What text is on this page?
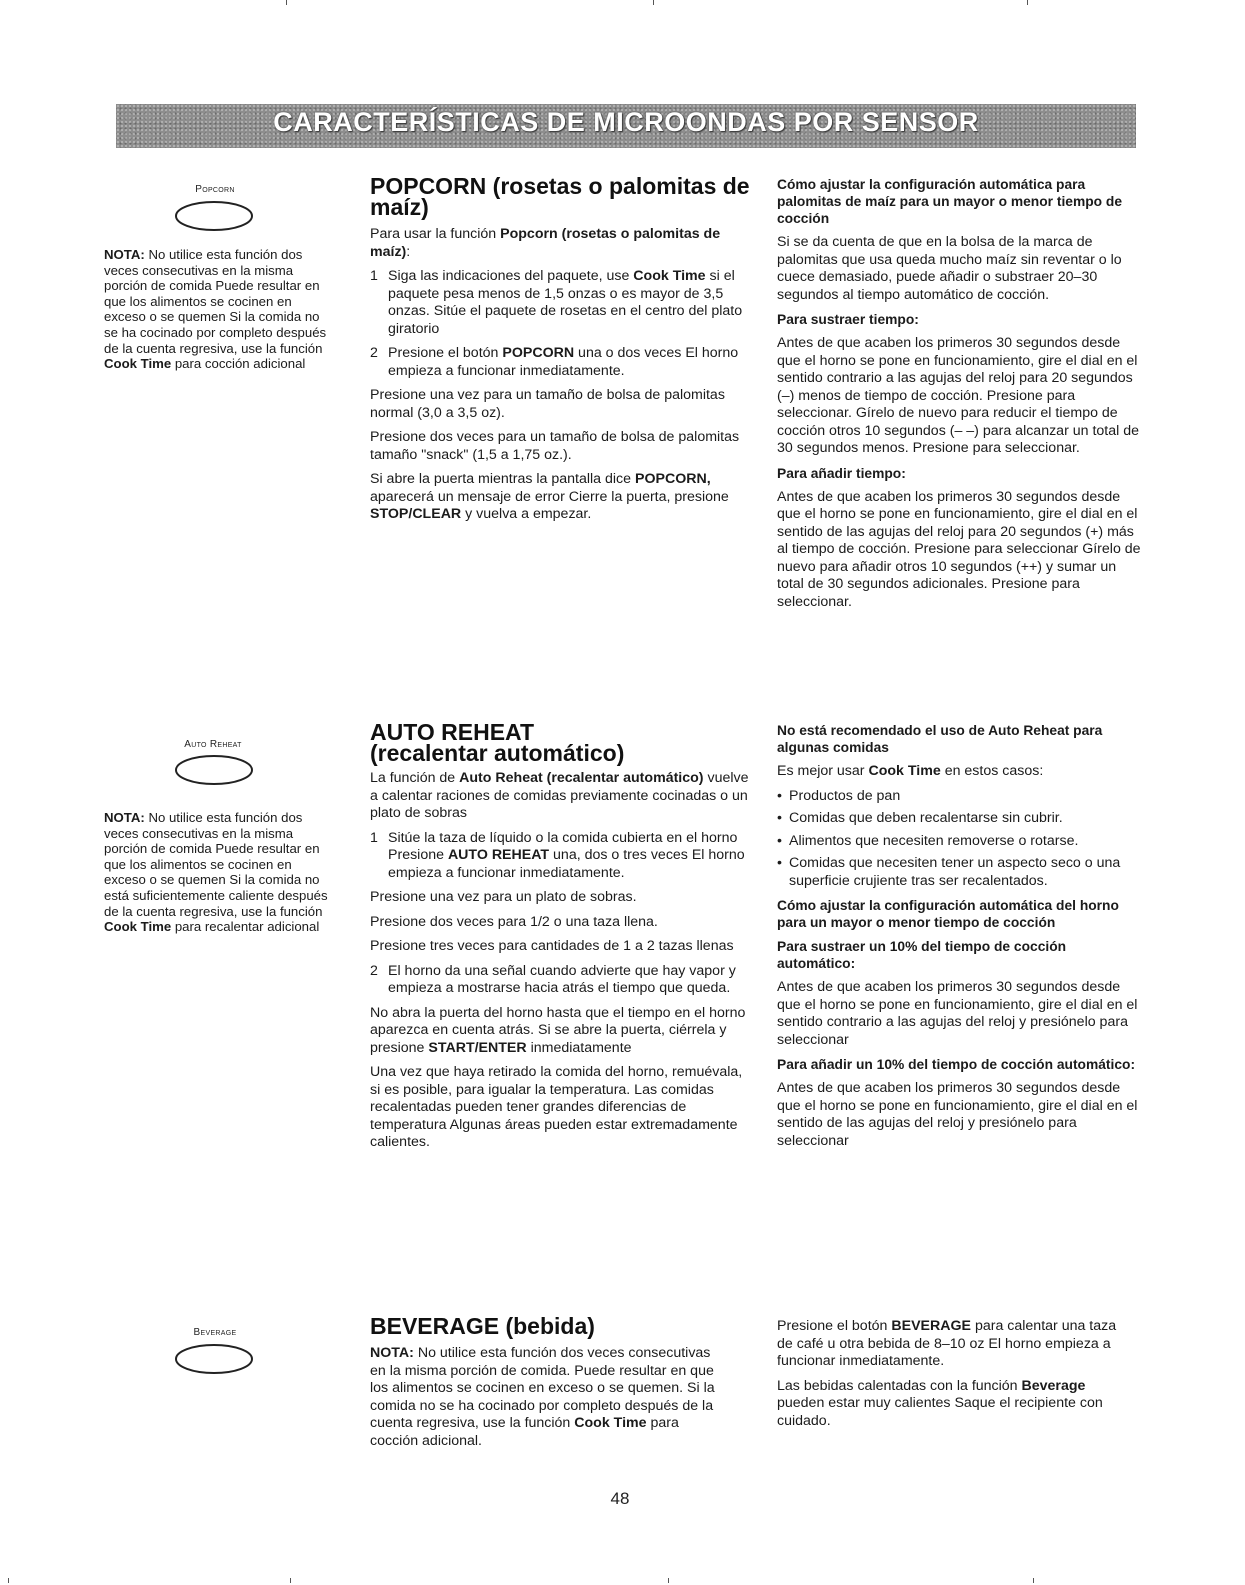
CARACTERÍSTICAS DE MICROONDAS POR SENSOR
Popcorn
NOTA: No utilice esta función dos veces consecutivas en la misma porción de comida Puede resultar en que los alimentos se cocinen en exceso o se quemen Si la comida no se ha cocinado por completo después de la cuenta regresiva, use la función Cook Time para cocción adicional
POPCORN (rosetas o palomitas de maíz)

Para usar la función Popcorn (rosetas o palomitas de maíz):

1 Siga las indicaciones del paquete, use Cook Time si el paquete pesa menos de 1,5 onzas o es mayor de 3,5 onzas. Sitúe el paquete de rosetas en el centro del plato giratorio
2 Presione el botón POPCORN una o dos veces El horno empieza a funcionar inmediatamente.

Presione una vez para un tamaño de bolsa de palomitas normal (3,0 a 3,5 oz).

Presione dos veces para un tamaño de bolsa de palomitas tamaño "snack" (1,5 a 1,75 oz.).

Si abre la puerta mientras la pantalla dice POPCORN, aparecerá un mensaje de error Cierre la puerta, presione STOP/CLEAR y vuelva a empezar.

Cómo ajustar la configuración automática para palomitas de maíz para un mayor o menor tiempo de cocción

Si se da cuenta de que en la bolsa de la marca de palomitas que usa queda mucho maíz sin reventar o lo cuece demasiado, puede añadir o substraer 20–30 segundos al tiempo automático de cocción.

Para sustraer tiempo:

Antes de que acaben los primeros 30 segundos desde que el horno se pone en funcionamiento, gire el dial en el sentido contrario a las agujas del reloj para 20 segundos (–) menos de tiempo de cocción. Presione para seleccionar. Gírelo de nuevo para reducir el tiempo de cocción otros 10 segundos (– –) para alcanzar un total de 30 segundos menos. Presione para seleccionar.

Para añadir tiempo:

Antes de que acaben los primeros 30 segundos desde que el horno se pone en funcionamiento, gire el dial en el sentido de las agujas del reloj para 20 segundos (+) más al tiempo de cocción. Presione para seleccionar Gírelo de nuevo para añadir otros 10 segundos (++) y sumar un total de 30 segundos adicionales. Presione para seleccionar.

Auto Reheat
NOTA: No utilice esta función dos veces consecutivas en la misma porción de comida Puede resultar en que los alimentos se cocinen en exceso o se quemen Si la comida no está suficientemente caliente después de la cuenta regresiva, use la función Cook Time para recalentar adicional
AUTO REHEAT
(recalentar automático)

La función de Auto Reheat (recalentar automático) vuelve a calentar raciones de comidas previamente cocinadas o un plato de sobras

1 Sitúe la taza de líquido o la comida cubierta en el horno Presione AUTO REHEAT una, dos o tres veces El horno empieza a funcionar inmediatamente.

Presione una vez para un plato de sobras.

Presione dos veces para 1/2 o una taza llena.

Presione tres veces para cantidades de 1 a 2 tazas llenas

2 El horno da una señal cuando advierte que hay vapor y empieza a mostrarse hacia atrás el tiempo que queda.

No abra la puerta del horno hasta que el tiempo en el horno aparezca en cuenta atrás. Si se abre la puerta, ciérrela y presione START/ENTER inmediatamente

Una vez que haya retirado la comida del horno, remuévala, si es posible, para igualar la temperatura. Las comidas recalentadas pueden tener grandes diferencias de temperatura Algunas áreas pueden estar extremadamente calientes.

No está recomendado el uso de Auto Reheat para algunas comidas

Es mejor usar Cook Time en estos casos:

• Productos de pan
• Comidas que deben recalentarse sin cubrir.
• Alimentos que necesiten removerse o rotarse.
• Comidas que necesiten tener un aspecto seco o una superficie crujiente tras ser recalentados.

Cómo ajustar la configuración automática del horno para un mayor o menor tiempo de cocción

Para sustraer un 10% del tiempo de cocción automático:

Antes de que acaben los primeros 30 segundos desde que el horno se pone en funcionamiento, gire el dial en el sentido contrario a las agujas del reloj y presiónelo para seleccionar

Para añadir un 10% del tiempo de cocción automático:

Antes de que acaben los primeros 30 segundos desde que el horno se pone en funcionamiento, gire el dial en el sentido de las agujas del reloj y presiónelo para seleccionar

Beverage	BEVERAGE (bebida)

NOTA: No utilice esta función dos veces consecutivas en la misma porción de comida. Puede resultar en que los alimentos se cocinen en exceso o se quemen. Si la comida no se ha cocinado por completo después de la cuenta regresiva, use la función Cook Time para cocción adicional.

Presione el botón BEVERAGE para calentar una taza de café u otra bebida de 8–10 oz El horno empieza a funcionar inmediatamente.

Las bebidas calentadas con la función Beverage pueden estar muy calientes Saque el recipiente con cuidado.

48
